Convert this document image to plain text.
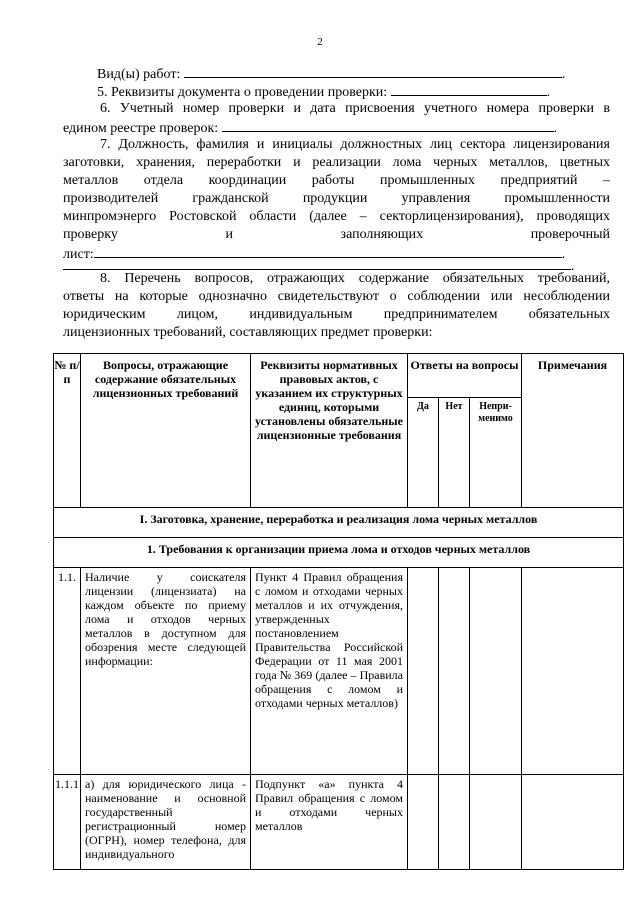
2

Вид(ы) работ:	.

5. Реквизиты документа о проведении проверки:	.

6. Учетный номер проверки и дата присвоения учетного номера проверки в

едином реестре проверок:	.

7. Должность, фамилия и инициалы должностных лиц сектора лицензирования

заготовки, хранения, переработки и реализации лома черных металлов, цветных

металлов отдела координации работы промышленных предприятий –

производителей гражданской продукции управления промышленности

минпромэнерго Ростовской области (далее – секторлицензирования), проводящих

проверку и заполняющих проверочный

лист:	.

.

8. Перечень вопросов, отражающих содержание обязательных требований,

ответы на которые однозначно свидетельствуют о соблюдении или несоблюдении

юридическим лицом, индивидуальным предпринимателем обязательных

лицензионных требований, составляющих предмет проверки:

№ п/п	Вопросы, отражающие содержание обязательных лицензионных требований	Реквизиты нормативных правовых актов, с указанием их структурных единиц, которыми установлены обязательные лицензионные требования	Ответы на вопросы			Примечания
			Да	Нет	Непри- менимо	
I. Заготовка, хранение, переработка и реализация лома черных металлов						
1. Требования к организации приема лома и отходов черных металлов						
1.1.	Наличие у соискателя лицензии (лицензиата) на каждом объекте по приему лома и отходов черных металлов в доступном для обозрения месте следующей информации:	Пункт 4 Правил обращения с ломом и отходами черных металлов и их отчуждения, утвержденных постановлением Правительства Российской Федерации от 11 мая 2001 года № 369 (далее – Правила обращения с ломом и отходами черных металлов)				
1.1.1	а) для юридического лица - наименование и основной государственный регистрационный номер (ОГРН), номер телефона, для индивидуального	Подпункт «а» пункта 4 Правил обращения с ломом и отходами черных металлов				
